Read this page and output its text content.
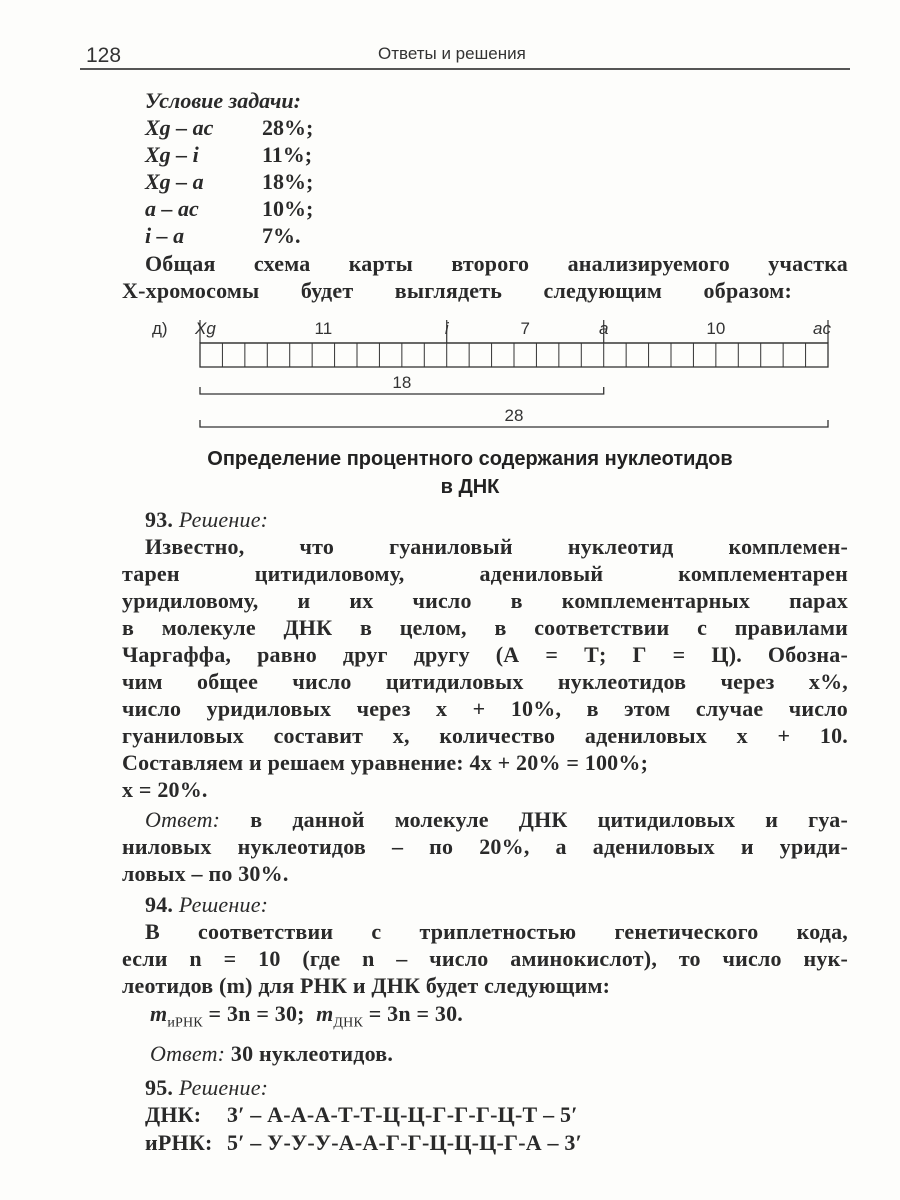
128	Ответы и решения
Условие задачи:
Xg – ac 28%;
Xg – i	11%;
Xg – a	18%;
a – ac	10%;
i – a	7%.
Общая схема карты второго анализируемого участка
X-хромосомы будет выглядеть следующим образом:
д) Xg	i	a	ac
11	7	10
18
28
Определение процентного содержания нуклеотидов
в ДНК
93. Решение:
Известно, что гуаниловый нуклеотид комплемен-
тарен цитидиловому, адениловый комплементарен
уридиловому, и их число в комплементарных парах
в молекуле ДНК в целом, в соответствии с правилами
Чаргаффа, равно друг другу (А = Т; Г = Ц). Обозна-
чим общее число цитидиловых нуклеотидов через x%,
число уридиловых через x + 10%, в этом случае число
гуаниловых составит x, количество адениловых x + 10.
Составляем и решаем уравнение: 4x + 20% = 100%;
x = 20%.
Ответ: в данной молекуле ДНК цитидиловых и гуа-
ниловых нуклеотидов – по 20%, а адениловых и уриди-
ловых – по 30%.
94. Решение:
В соответствии с триплетностью генетического кода,
если n = 10 (где n – число аминокислот), то число нук-
леотидов (m) для РНК и ДНК будет следующим:
$m_{иРНК} = 3n = 30$;  $m_{ДНК} = 3n = 30$.
Ответ: 30 нуклеотидов.
95. Решение:
ДНК: 3′ – А-А-А-Т-Т-Ц-Ц-Г-Г-Г-Ц-Т – 5′
иРНК: 5′ – У-У-У-А-А-Г-Г-Ц-Ц-Ц-Г-А – 3′
